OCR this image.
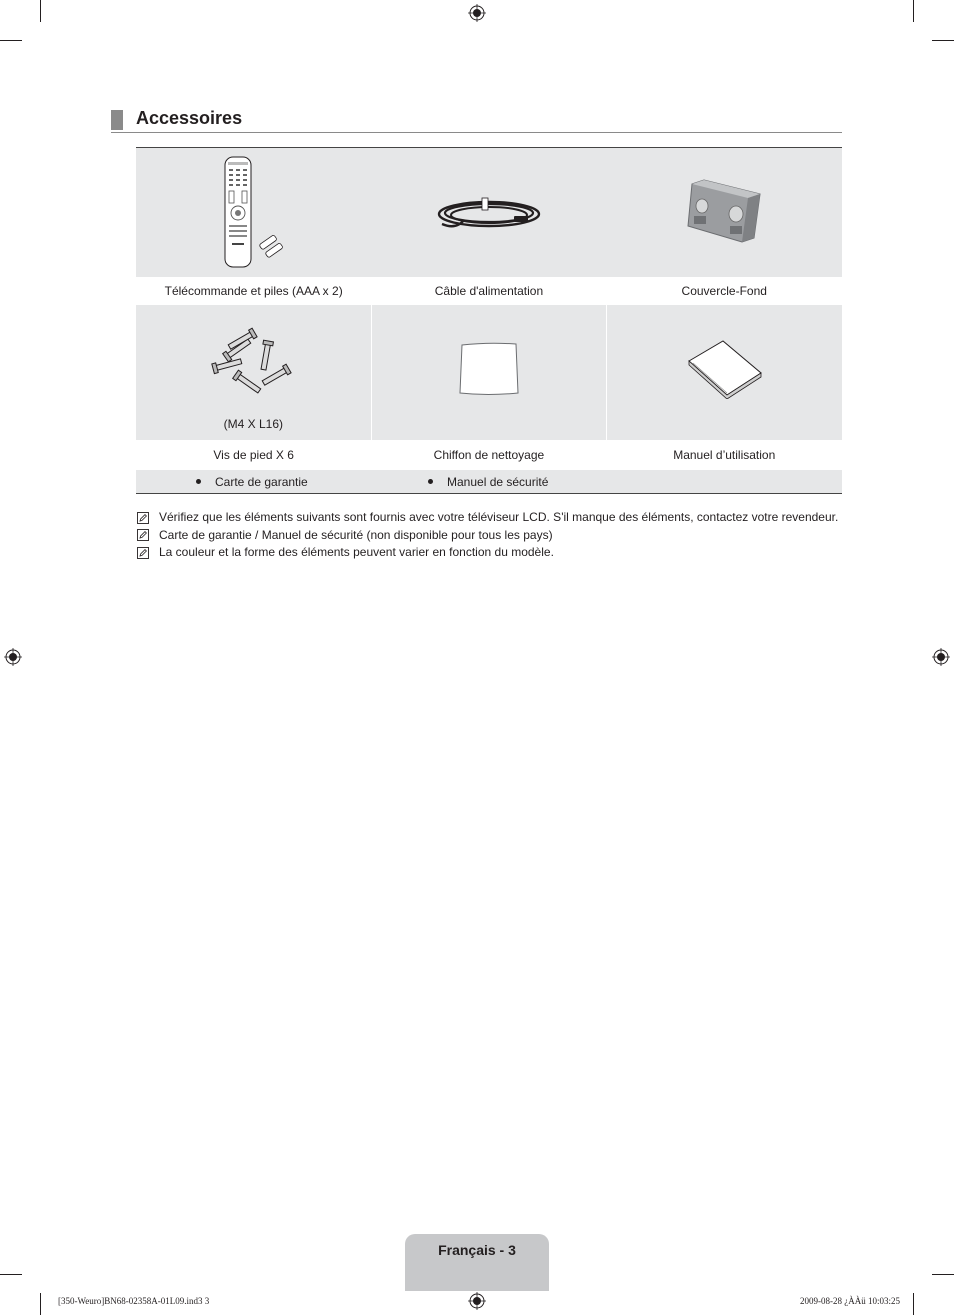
Accessoires
Télécommande et piles (AAA x 2)	Câble d'alimentation	Couvercle-Fond
(M4 X L16)
Vis de pied X 6	Chiffon de nettoyage	Manuel d’utilisation
Carte de garantie	Manuel de sécurité
Vérifiez que les éléments suivants sont fournis avec votre téléviseur LCD. S'il manque des éléments, contactez votre revendeur.
Carte de garantie / Manuel de sécurité (non disponible pour tous les pays)
La couleur et la forme des éléments peuvent varier en fonction du modèle.
Français - 3
[350-Weuro]BN68-02358A-01L09.ind3 3	2009-08-28 ¿ÀÀü 10:03:25
